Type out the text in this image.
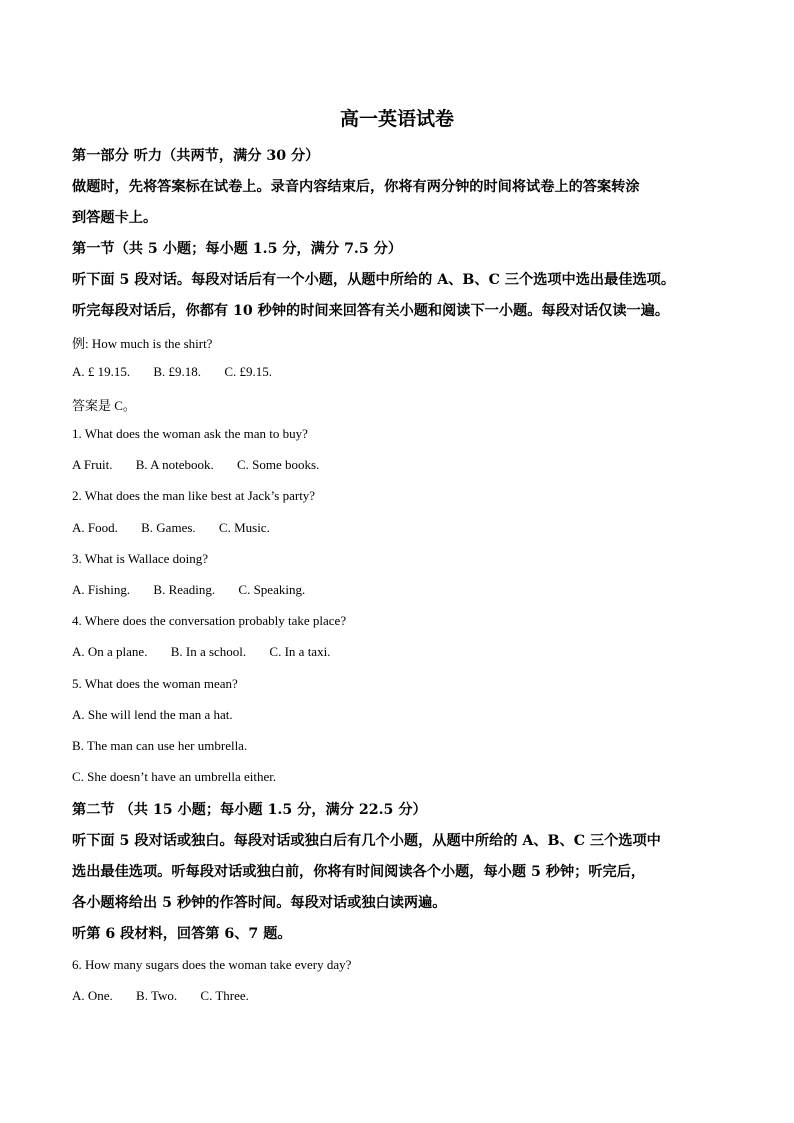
高一英语试卷
第一部分 听力（共两节，满分 30 分）
做题时，先将答案标在试卷上。录音内容结束后，你将有两分钟的时间将试卷上的答案转涂
到答题卡上。
第一节（共 5 小题；每小题 1.5 分，满分 7.5 分）
听下面 5 段对话。每段对话后有一个小题，从题中所给的 A、B、C 三个选项中选出最佳选项。
听完每段对话后，你都有 10 秒钟的时间来回答有关小题和阅读下一小题。每段对话仅读一遍。
例: How much is the shirt?
A. £ 19.15. B. £9.18. C. £9.15.
答案是 C。
1. What does the woman ask the man to buy?
A Fruit. B. A notebook. C. Some books.
2. What does the man like best at Jack’s party?
A. Food. B. Games. C. Music.
3. What is Wallace doing?
A. Fishing. B. Reading. C. Speaking.
4. Where does the conversation probably take place?
A. On a plane. B. In a school. C. In a taxi.
5. What does the woman mean?
A. She will lend the man a hat.
B. The man can use her umbrella.
C. She doesn’t have an umbrella either.
第二节 （共 15 小题；每小题 1.5 分，满分 22.5 分）
听下面 5 段对话或独白。每段对话或独白后有几个小题，从题中所给的 A、B、C 三个选项中
选出最佳选项。听每段对话或独白前，你将有时间阅读各个小题，每小题 5 秒钟；听完后，
各小题将给出 5 秒钟的作答时间。每段对话或独白读两遍。
听第 6 段材料，回答第 6、7 题。
6. How many sugars does the woman take every day?
A. One. B. Two. C. Three.
